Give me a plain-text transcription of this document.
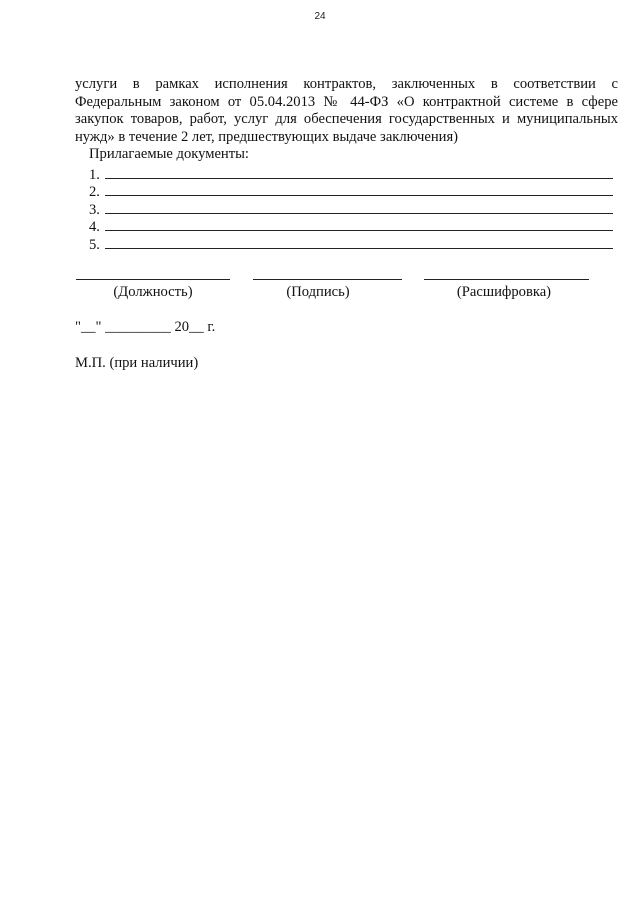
24

услуги в рамках исполнения контрактов, заключенных в соответствии с
Федеральным законом от 05.04.2013 № 44-ФЗ «О контрактной системе в сфере
закупок товаров, работ, услуг для обеспечения государственных и муниципальных
нужд» в течение 2 лет, предшествующих выдаче заключения)

Прилагаемые документы:
1.
2.
3.
4.
5.
(Должность)	(Подпись)	(Расшифровка)
"__" _________ 20__ г.
М.П. (при наличии)
